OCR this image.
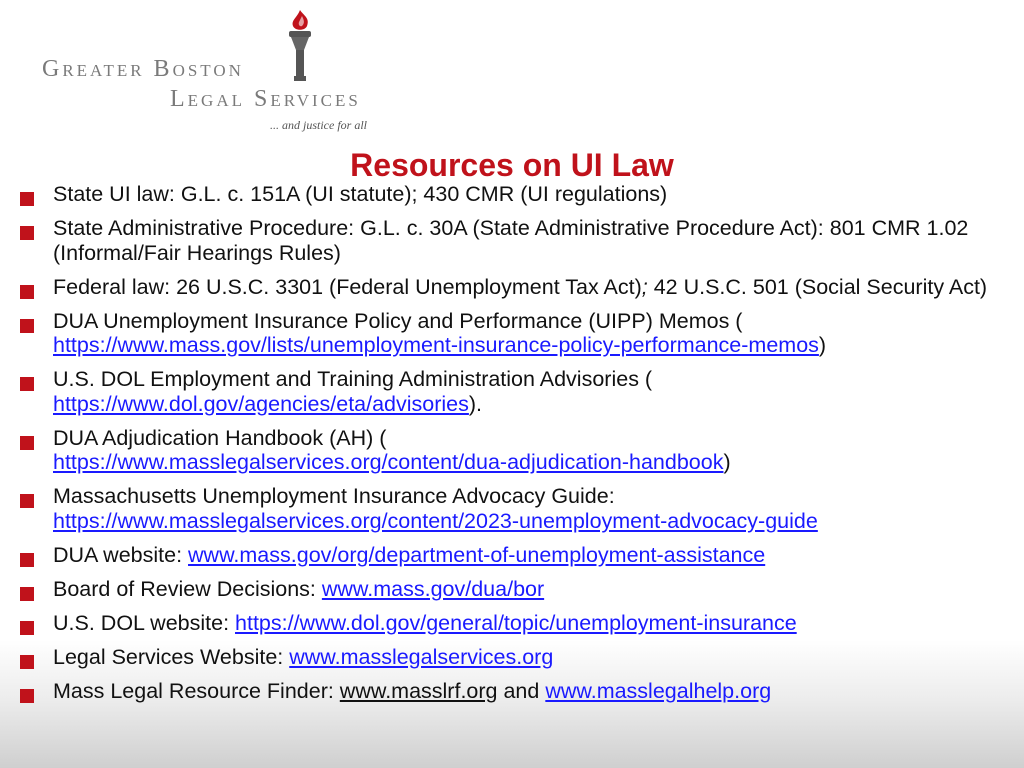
Greater Boston
Legal Services
... and justice for all
Resources on UI Law
State UI law: G.L. c. 151A (UI statute); 430 CMR (UI regulations)
State Administrative Procedure: G.L. c. 30A (State Administrative Procedure Act): 801 CMR 1.02 (Informal/Fair Hearings Rules)
Federal law: 26 U.S.C. 3301 (Federal Unemployment Tax Act); 42 U.S.C. 501 (Social Security Act)
DUA Unemployment Insurance Policy and Performance (UIPP) Memos (
https://www.mass.gov/lists/unemployment-insurance-policy-performance-memos)
U.S. DOL Employment and Training Administration Advisories (
https://www.dol.gov/agencies/eta/advisories).
DUA Adjudication Handbook (AH) (
https://www.masslegalservices.org/content/dua-adjudication-handbook)
Massachusetts Unemployment Insurance Advocacy Guide:
https://www.masslegalservices.org/content/2023-unemployment-advocacy-guide
DUA website: www.mass.gov/org/department-of-unemployment-assistance
Board of Review Decisions: www.mass.gov/dua/bor
U.S. DOL website: https://www.dol.gov/general/topic/unemployment-insurance
Legal Services Website: www.masslegalservices.org
Mass Legal Resource Finder: www.masslrf.org and www.masslegalhelp.org
